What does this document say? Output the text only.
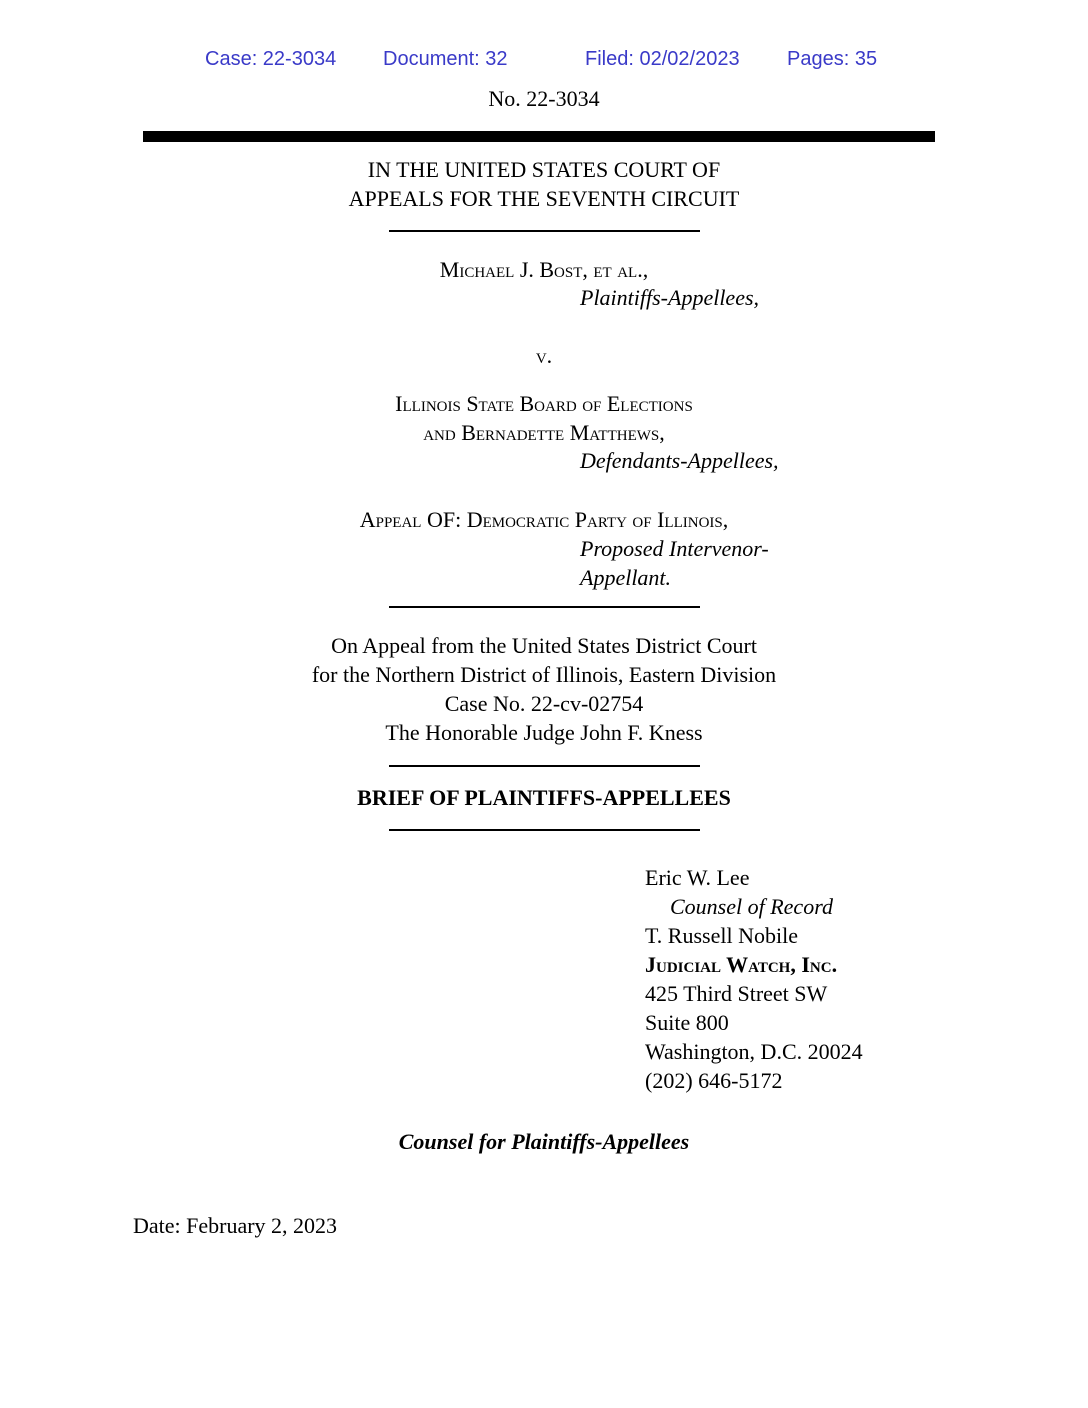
Case: 22-3034 Document: 32	Filed: 02/02/2023 Pages: 35
No. 22-3034
IN THE UNITED STATES COURT OF
APPEALS FOR THE SEVENTH CIRCUIT
Michael J. Bost, et al.,
Plaintiffs-Appellees,
v.
Illinois State Board of Elections
and Bernadette Matthews,
Defendants-Appellees,
Appeal OF: Democratic Party of Illinois,
Proposed Intervenor-
Appellant.
On Appeal from the United States District Court
for the Northern District of Illinois, Eastern Division
Case No. 22-cv-02754
The Honorable Judge John F. Kness
BRIEF OF PLAINTIFFS-APPELLEES
Eric W. Lee
Counsel of Record
T. Russell Nobile
Judicial Watch, Inc.
425 Third Street SW
Suite 800
Washington, D.C. 20024
(202) 646-5172
Counsel for Plaintiffs-Appellees
Date: February 2, 2023
